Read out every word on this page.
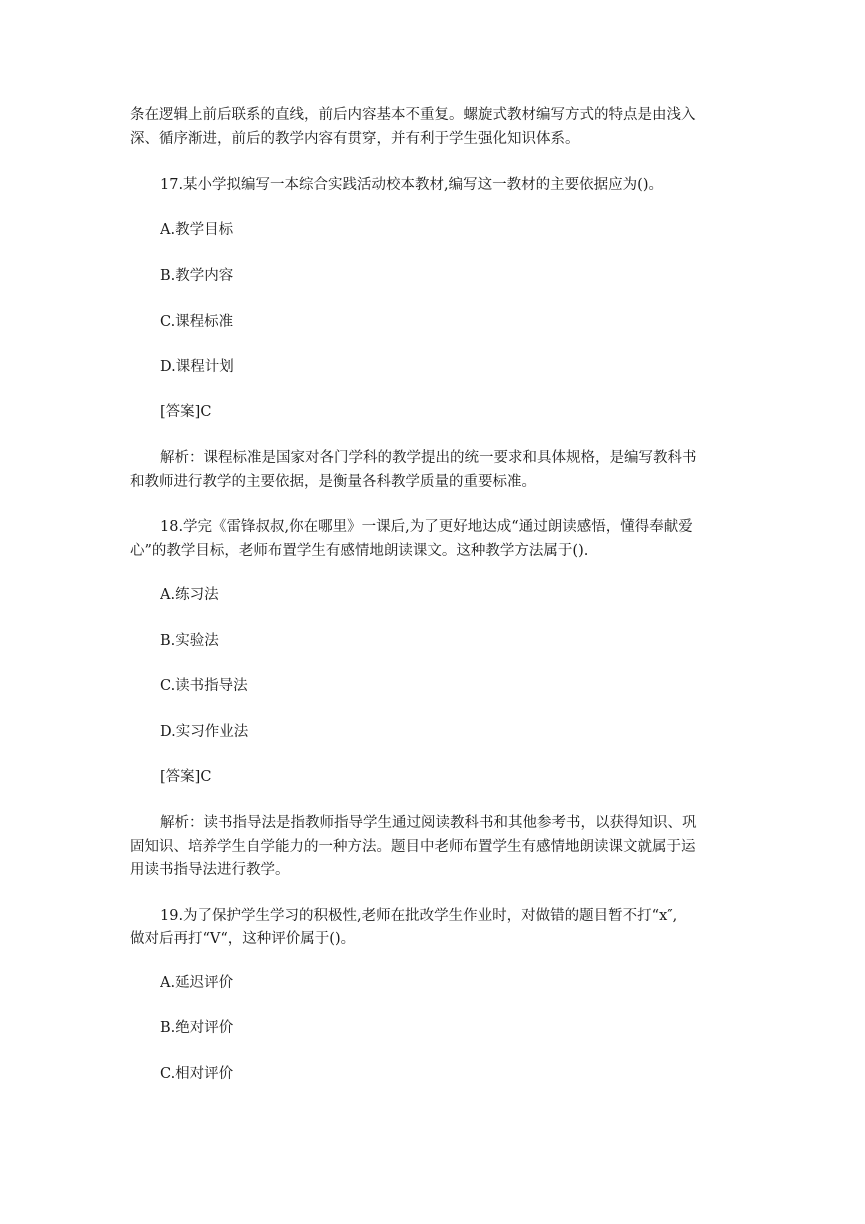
条在逻辑上前后联系的直线，前后内容基本不重复。螺旋式教材编写方式的特点是由浅入
深、循序渐进，前后的教学内容有贯穿，并有利于学生强化知识体系。
17.某小学拟编写一本综合实践活动校本教材,编写这一教材的主要依据应为()。
A.教学目标
B.教学内容
C.课程标准
D.课程计划
[答案]C
解析：课程标准是国家对各门学科的教学提出的统一要求和具体规格，是编写教科书
和教师进行教学的主要依据，是衡量各科教学质量的重要标准。
18.学完《雷锋叔叔,你在哪里》一课后,为了更好地达成“通过朗读感悟，懂得奉献爱
心”的教学目标，老师布置学生有感情地朗读课文。这种教学方法属于().
A.练习法
B.实验法
C.读书指导法
D.实习作业法
[答案]C
解析：读书指导法是指教师指导学生通过阅读教科书和其他参考书，以获得知识、巩
固知识、培养学生自学能力的一种方法。题目中老师布置学生有感情地朗读课文就属于运
用读书指导法进行教学。
19.为了保护学生学习的积极性,老师在批改学生作业时，对做错的题目暂不打“x″,
做对后再打“V“，这种评价属于()。
A.延迟评价
B.绝对评价
C.相对评价
